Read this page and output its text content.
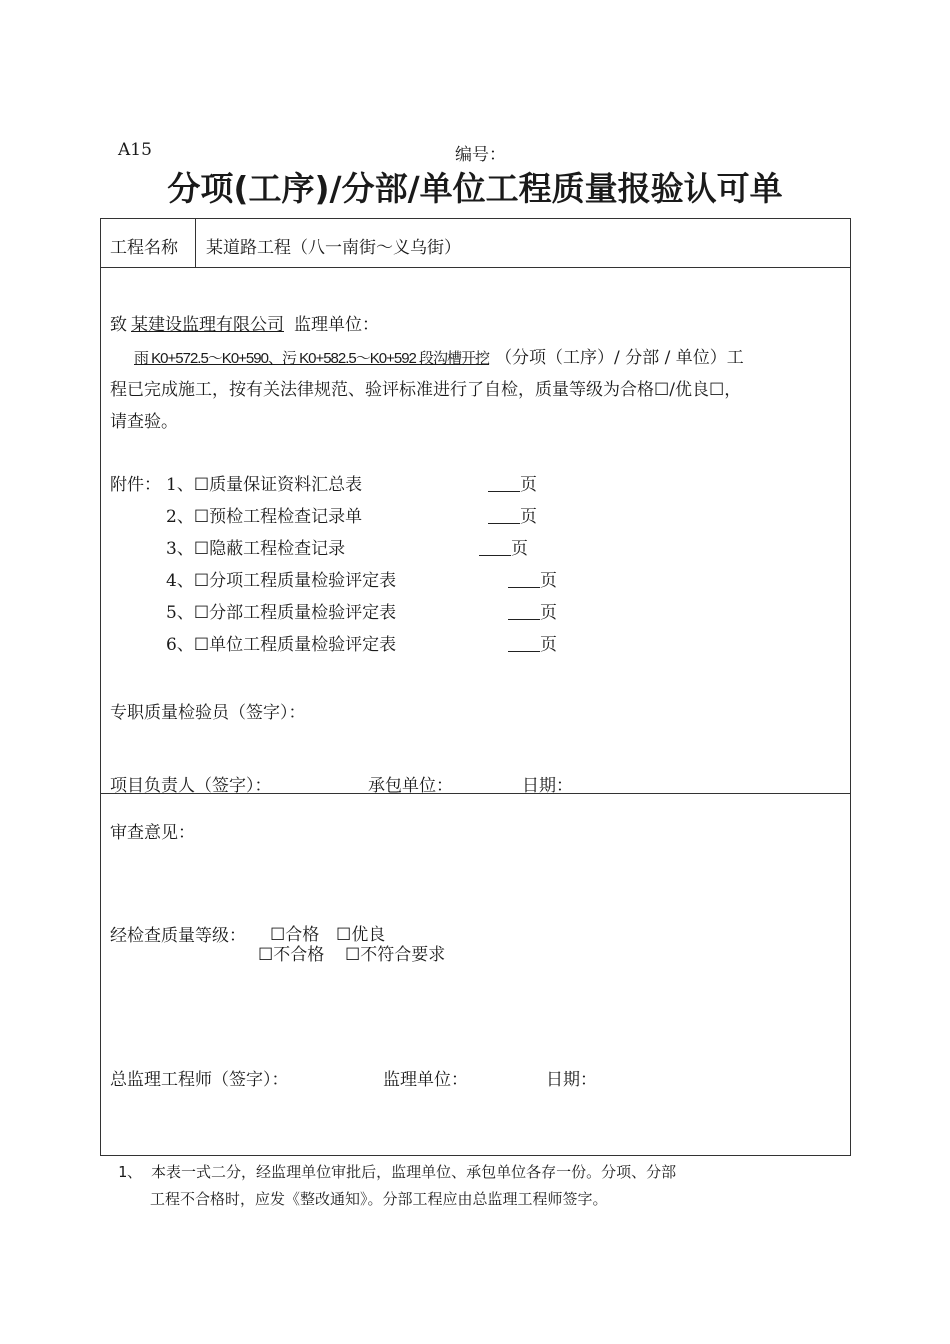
A15	编号：
分项(工序)/分部/单位工程质量报验认可单
工程名称 某道路工程（八一南街～义乌街）
致 某建设监理有限公司 监理单位：
雨 K0+572.5～K0+590、污 K0+582.5～K0+592 段沟槽开挖 （分项（工序）/ 分部 / 单位）工
程已完成施工，按有关法律规范、验评标准进行了自检，质量等级为合格☐/优良☐，
请查验。
附件： 1、☐质量保证资料汇总表	页
2、☐预检工程检查记录单	页
3、☐隐蔽工程检查记录	页
4、☐分项工程质量检验评定表	页
5、☐分部工程质量检验评定表	页
6、☐单位工程质量检验评定表	页
专职质量检验员（签字）：
项目负责人（签字）：	承包单位：	日期：
审查意见：
经检查质量等级： ☐合格 ☐优良
☐不合格 ☐不符合要求
总监理工程师（签字）：	监理单位：	日期：
1、 本表一式二分，经监理单位审批后，监理单位、承包单位各存一份。分项、分部
工程不合格时，应发《整改通知》。分部工程应由总监理工程师签字。
